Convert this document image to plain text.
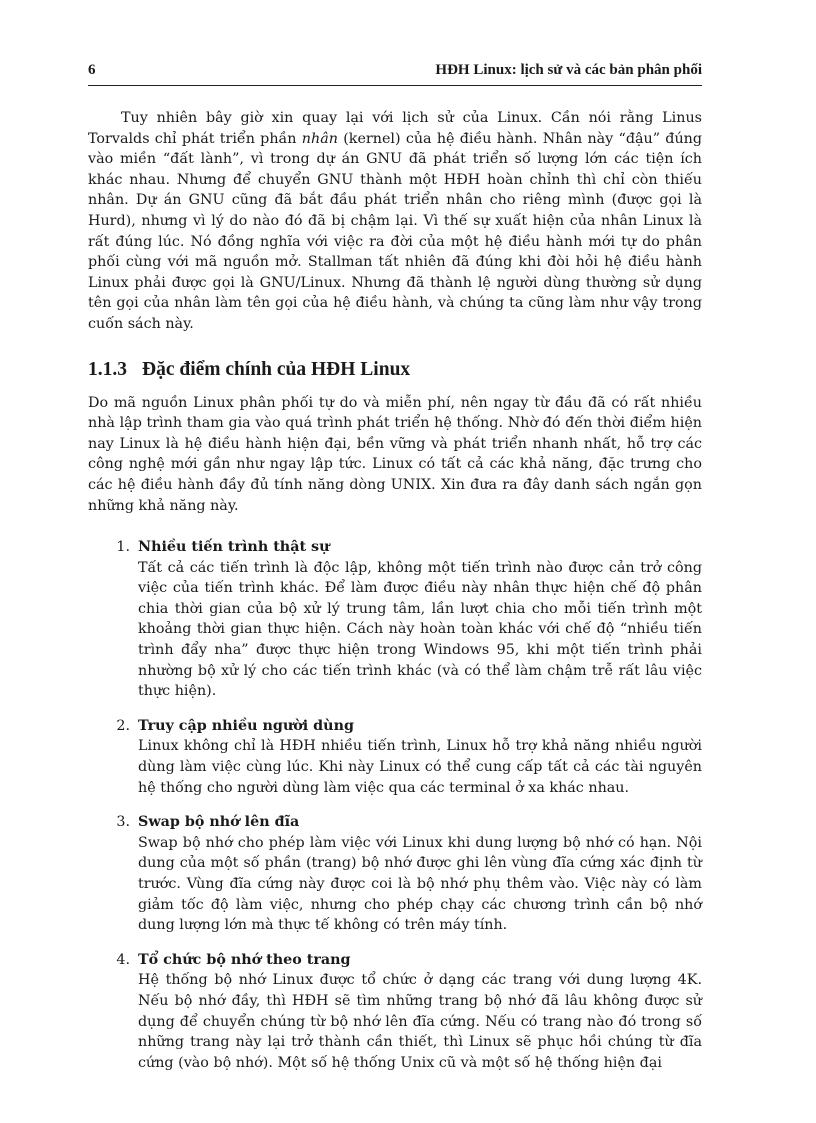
6	HĐH Linux: lịch sử và các bản phân phối

Tuy nhiên bây giờ xin quay lại với lịch sử của Linux. Cần nói rằng Linus Torvalds chỉ phát triển phần nhân (kernel) của hệ điều hành. Nhân này “đậu” đúng vào miền “đất lành”, vì trong dự án GNU đã phát triển số lượng lớn các tiện ích khác nhau. Nhưng để chuyển GNU thành một HĐH hoàn chỉnh thì chỉ còn thiếu nhân. Dự án GNU cũng đã bắt đầu phát triển nhân cho riêng mình (được gọi là Hurd), nhưng vì lý do nào đó đã bị chậm lại. Vì thế sự xuất hiện của nhân Linux là rất đúng lúc. Nó đồng nghĩa với việc ra đời của một hệ điều hành mới tự do phân phối cùng với mã nguồn mở. Stallman tất nhiên đã đúng khi đòi hỏi hệ điều hành Linux phải được gọi là GNU/Linux. Nhưng đã thành lệ người dùng thường sử dụng tên gọi của nhân làm tên gọi của hệ điều hành, và chúng ta cũng làm như vậy trong cuốn sách này.

1.1.3 Đặc điểm chính của HĐH Linux

Do mã nguồn Linux phân phối tự do và miễn phí, nên ngay từ đầu đã có rất nhiều nhà lập trình tham gia vào quá trình phát triển hệ thống. Nhờ đó đến thời điểm hiện nay Linux là hệ điều hành hiện đại, bền vững và phát triển nhanh nhất, hỗ trợ các công nghệ mới gần như ngay lập tức. Linux có tất cả các khả năng, đặc trưng cho các hệ điều hành đầy đủ tính năng dòng UNIX. Xin đưa ra đây danh sách ngắn gọn những khả năng này.

1. Nhiều tiến trình thật sự
Tất cả các tiến trình là độc lập, không một tiến trình nào được cản trở công việc của tiến trình khác. Để làm được điều này nhân thực hiện chế độ phân chia thời gian của bộ xử lý trung tâm, lần lượt chia cho mỗi tiến trình một khoảng thời gian thực hiện. Cách này hoàn toàn khác với chế độ “nhiều tiến trình đẩy nha” được thực hiện trong Windows 95, khi một tiến trình phải nhường bộ xử lý cho các tiến trình khác (và có thể làm chậm trễ rất lâu việc thực hiện).
2. Truy cập nhiều người dùng
Linux không chỉ là HĐH nhiều tiến trình, Linux hỗ trợ khả năng nhiều người dùng làm việc cùng lúc. Khi này Linux có thể cung cấp tất cả các tài nguyên hệ thống cho người dùng làm việc qua các terminal ở xa khác nhau.
3. Swap bộ nhớ lên đĩa
Swap bộ nhớ cho phép làm việc với Linux khi dung lượng bộ nhớ có hạn. Nội dung của một số phần (trang) bộ nhớ được ghi lên vùng đĩa cứng xác định từ trước. Vùng đĩa cứng này được coi là bộ nhớ phụ thêm vào. Việc này có làm giảm tốc độ làm việc, nhưng cho phép chạy các chương trình cần bộ nhớ dung lượng lớn mà thực tế không có trên máy tính.
4. Tổ chức bộ nhớ theo trang
Hệ thống bộ nhớ Linux được tổ chức ở dạng các trang với dung lượng 4K. Nếu bộ nhớ đầy, thì HĐH sẽ tìm những trang bộ nhớ đã lâu không được sử dụng để chuyển chúng từ bộ nhớ lên đĩa cứng. Nếu có trang nào đó trong số những trang này lại trở thành cần thiết, thì Linux sẽ phục hồi chúng từ đĩa cứng (vào bộ nhớ). Một số hệ thống Unix cũ và một số hệ thống hiện đại
